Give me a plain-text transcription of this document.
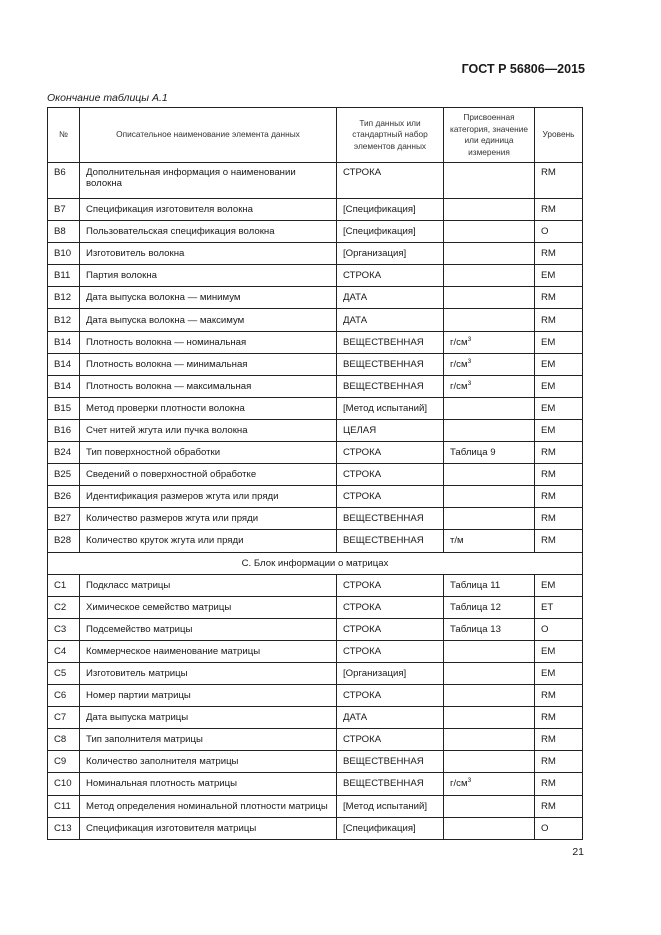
ГОСТ Р 56806—2015
Окончание таблицы А.1
№	Описательное наименование элемента данных	Тип данных или стандартный набор элементов данных	Присвоенная категория, значение или единица измерения	Уровень
B6	Дополнительная информация о наименовании волокна	СТРОКА		RM
B7	Спецификация изготовителя волокна	[Спецификация]		RM
B8	Пользовательская спецификация волокна	[Спецификация]		O
B10	Изготовитель волокна	[Организация]		RM
B11	Партия волокна	СТРОКА		EM
B12	Дата выпуска волокна — минимум	ДАТА		RM
B12	Дата выпуска волокна — максимум	ДАТА		RM
B14	Плотность волокна — номинальная	ВЕЩЕСТВЕННАЯ	$г/см^3$	EM
B14	Плотность волокна — минимальная	ВЕЩЕСТВЕННАЯ	$г/см^3$	EM
B14	Плотность волокна — максимальная	ВЕЩЕСТВЕННАЯ	$г/см^3$	EM
B15	Метод проверки плотности волокна	[Метод испытаний]		EM
B16	Счет нитей жгута или пучка волокна	ЦЕЛАЯ		EM
B24	Тип поверхностной обработки	СТРОКА	Таблица 9	RM
B25	Сведений о поверхностной обработке	СТРОКА		RM
B26	Идентификация размеров жгута или пряди	СТРОКА		RM
B27	Количество размеров жгута или пряди	ВЕЩЕСТВЕННАЯ		RM
B28	Количество круток жгута или пряди	ВЕЩЕСТВЕННАЯ	т/м	RM
С. Блок информации о матрицах				
C1	Подкласс матрицы	СТРОКА	Таблица 11	EM
C2	Химическое семейство матрицы	СТРОКА	Таблица 12	ET
C3	Подсемейство матрицы	СТРОКА	Таблица 13	O
C4	Коммерческое наименование матрицы	СТРОКА		EM
C5	Изготовитель матрицы	[Организация]		EM
C6	Номер партии матрицы	СТРОКА		RM
C7	Дата выпуска матрицы	ДАТА		RM
C8	Тип заполнителя матрицы	СТРОКА		RM
C9	Количество заполнителя матрицы	ВЕЩЕСТВЕННАЯ		RM
C10	Номинальная плотность матрицы	ВЕЩЕСТВЕННАЯ	$г/см^3$	RM
C11	Метод определения номинальной плотности матрицы	[Метод испытаний]		RM
C13	Спецификация изготовителя матрицы	[Спецификация]		O
21
